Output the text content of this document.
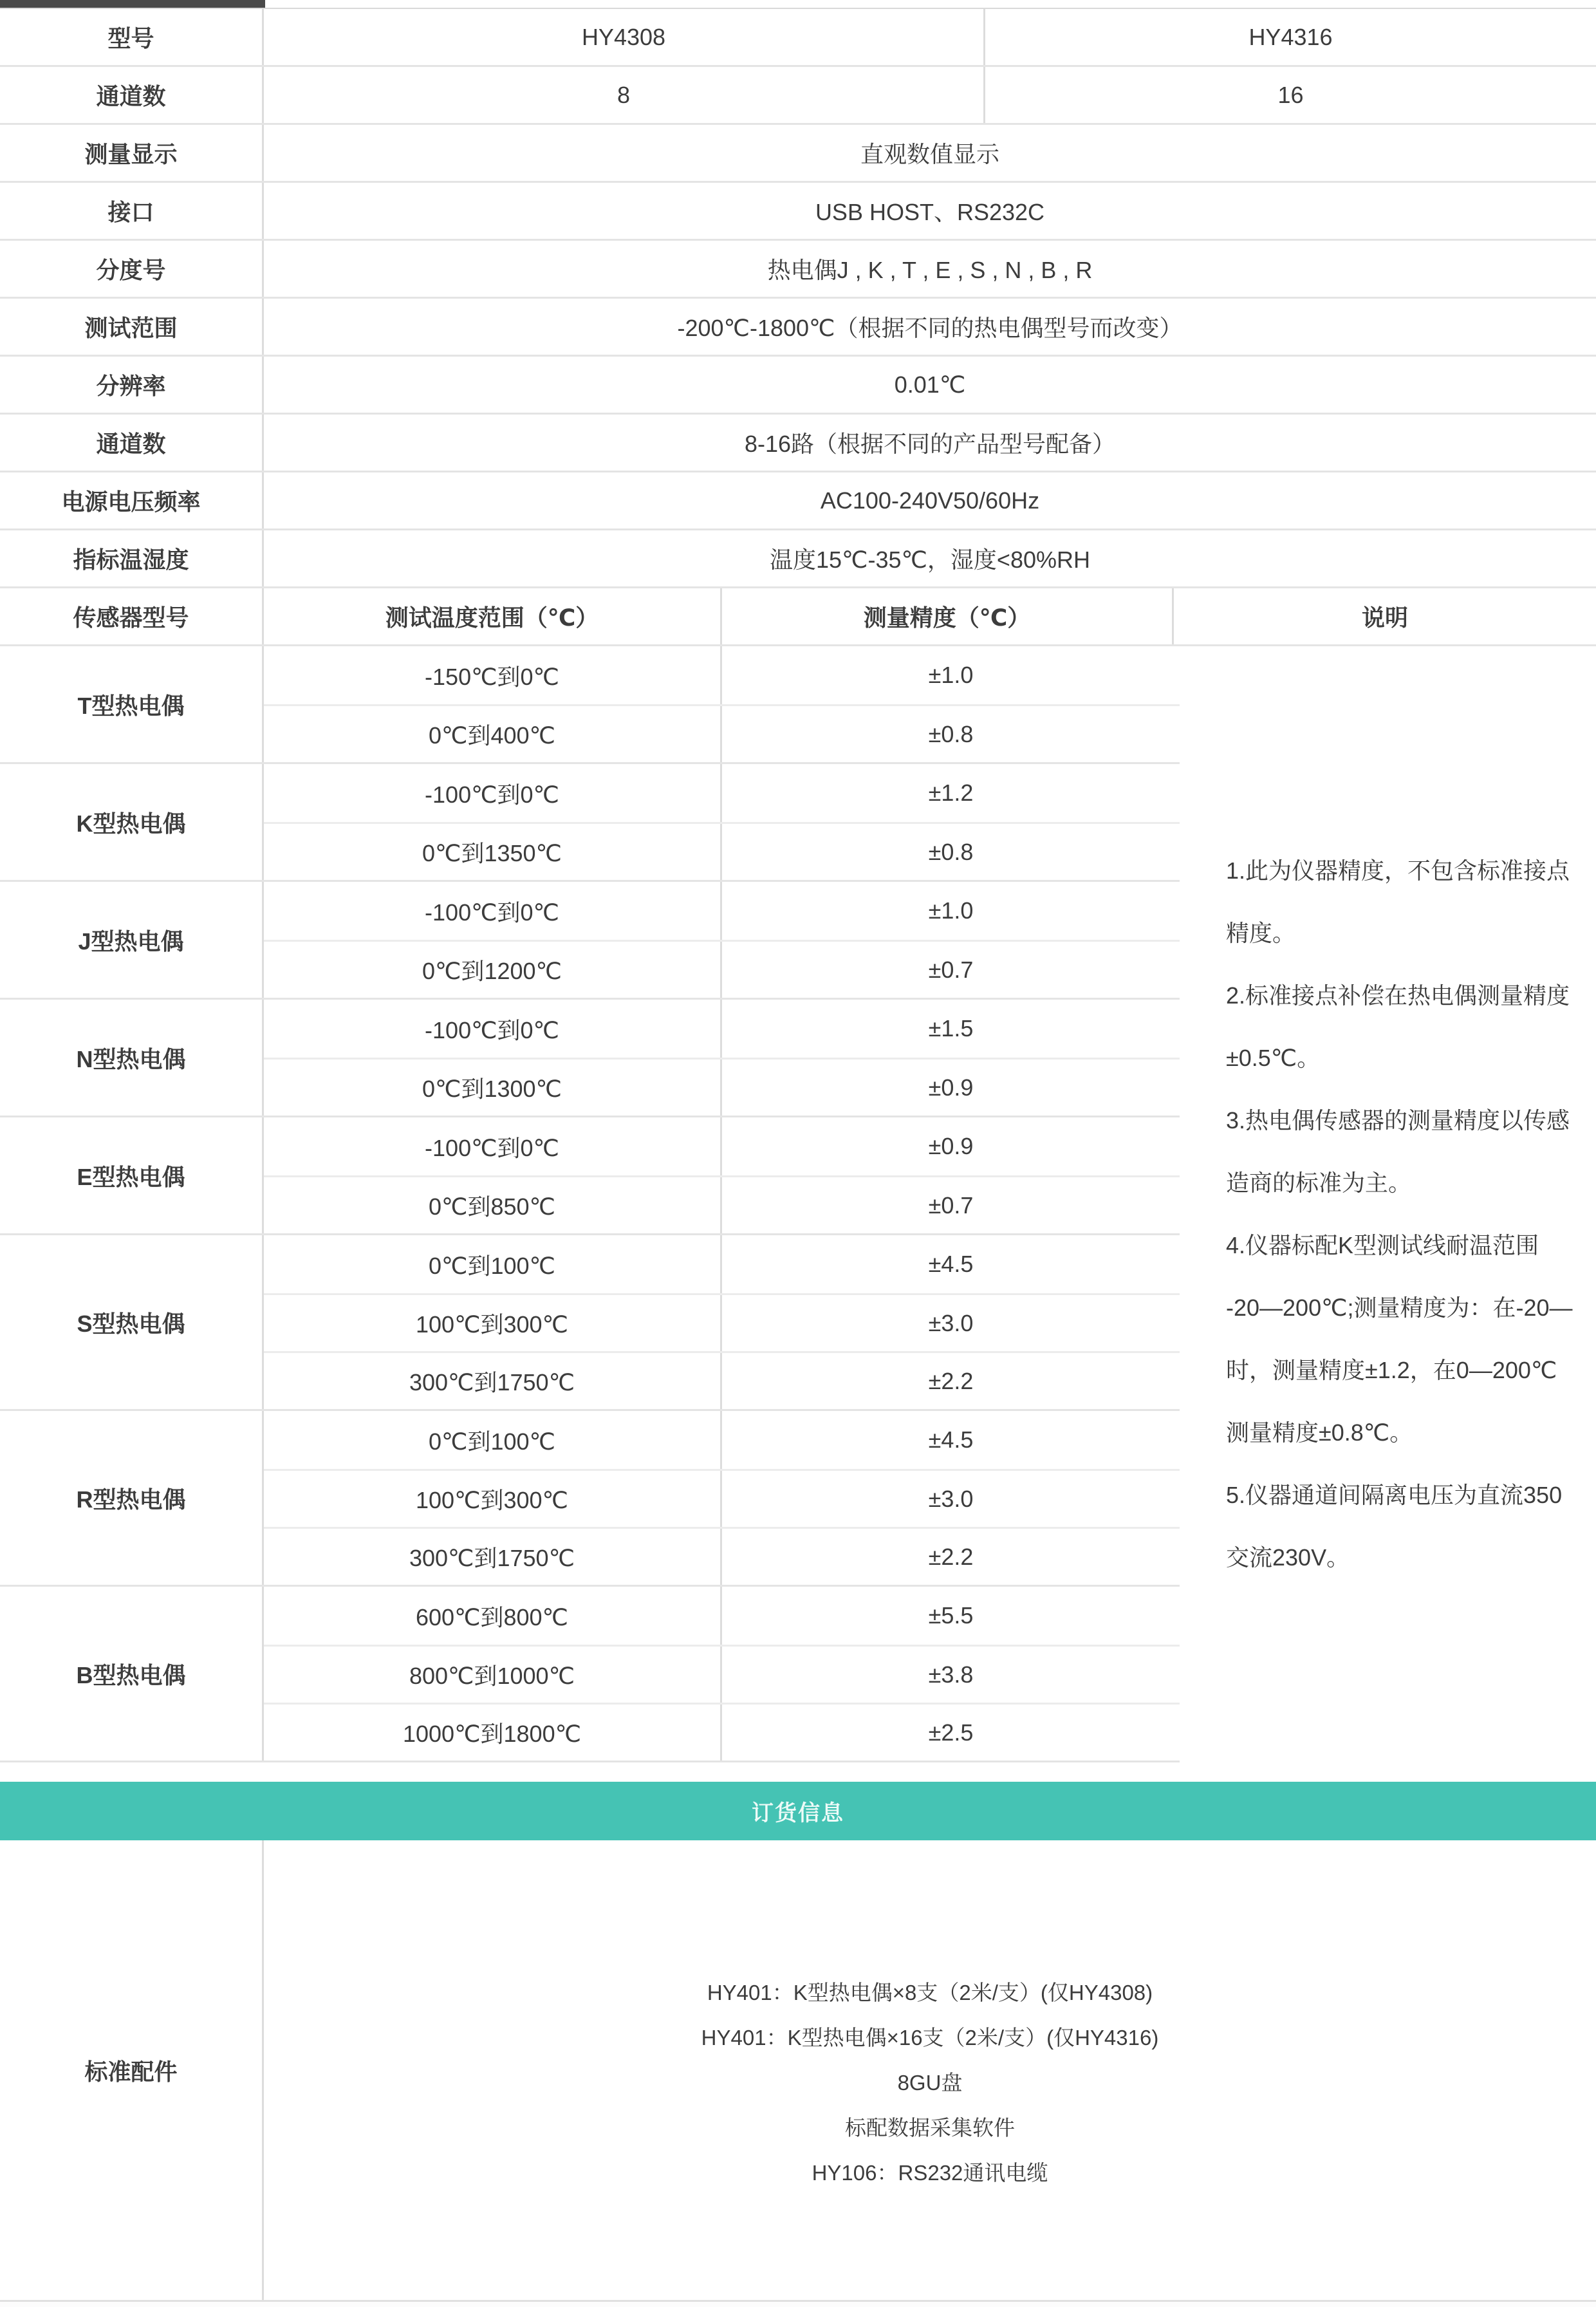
型号	HY4308	HY4316
通道数	8	16
测量显示	直观数值显示
接口	USB HOST、RS232C
分度号	热电偶J , K , T , E , S , N , B , R
测试范围	-200℃-1800℃（根据不同的热电偶型号而改变）
分辨率	0.01℃
通道数	8-16路（根据不同的产品型号配备）
电源电压频率	AC100-240V50/60Hz
指标温湿度	温度15℃-35℃，湿度<80%RH
传感器型号	测试温度范围（℃）	测量精度（℃）	说明
T型热电偶
-150℃到0℃	±1.0
0℃到400℃	±0.8
K型热电偶
-100℃到0℃	±1.2
0℃到1350℃	±0.8
J型热电偶
-100℃到0℃	±1.0
0℃到1200℃	±0.7
N型热电偶
-100℃到0℃	±1.5
0℃到1300℃	±0.9
E型热电偶
-100℃到0℃	±0.9
0℃到850℃	±0.7
S型热电偶
0℃到100℃	±4.5
100℃到300℃	±3.0
300℃到1750℃	±2.2
R型热电偶
0℃到100℃	±4.5
100℃到300℃	±3.0
300℃到1750℃	±2.2
B型热电偶
600℃到800℃	±5.5
800℃到1000℃	±3.8
1000℃到1800℃	±2.5
1.此为仪器精度，不包含标准接点
精度。
2.标准接点补偿在热电偶测量精度
±0.5℃。
3.热电偶传感器的测量精度以传感
造商的标准为主。
4.仪器标配K型测试线耐温范围
-20—200℃;测量精度为：在-20—
时，测量精度±1.2，在0—200℃
测量精度±0.8℃。
5.仪器通道间隔离电压为直流350
交流230V。
订货信息
标准配件
HY401：K型热电偶×8支（2米/支）(仅HY4308)
HY401：K型热电偶×16支（2米/支）(仅HY4316)
8GU盘
标配数据采集软件
HY106：RS232通讯电缆
